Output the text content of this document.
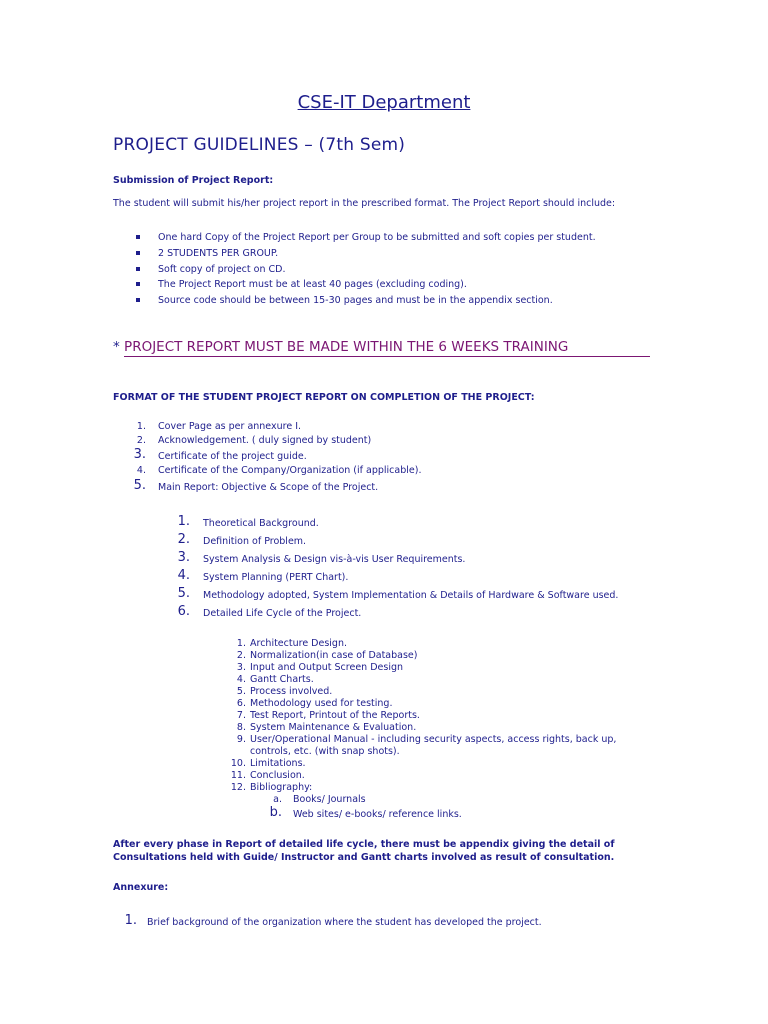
CSE-IT Department
PROJECT GUIDELINES – (7th Sem)
Submission of Project Report:
The student will submit his/her project report in the prescribed format. The Project Report should include:
One hard Copy of the Project Report per Group to be submitted and soft copies per student.
2 STUDENTS PER GROUP.
Soft copy of project on CD.
The Project Report must be at least 40 pages (excluding coding).
Source code should be between 15-30 pages and must be in the appendix section.
* PROJECT REPORT MUST BE MADE WITHIN THE 6 WEEKS TRAINING
FORMAT OF THE STUDENT PROJECT REPORT ON COMPLETION OF THE PROJECT:
1. Cover Page as per annexure I.
2. Acknowledgement. ( duly signed by student)
3. Certificate of the project guide.
4. Certificate of the Company/Organization (if applicable).
5. Main Report: Objective & Scope of the Project.
1. Theoretical Background.
2. Definition of Problem.
3. System Analysis & Design vis-à-vis User Requirements.
4. System Planning (PERT Chart).
5. Methodology adopted, System Implementation & Details of Hardware & Software used.
6. Detailed Life Cycle of the Project.
1. Architecture Design.
2. Normalization(in case of Database)
3. Input and Output Screen Design
4. Gantt Charts.
5. Process involved.
6. Methodology used for testing.
7. Test Report, Printout of the Reports.
8. System Maintenance & Evaluation.
9. User/Operational Manual - including security aspects, access rights, back up,
controls, etc. (with snap shots).
10. Limitations.
11. Conclusion.
12. Bibliography:
a. Books/ Journals
b. Web sites/ e-books/ reference links.
After every phase in Report of detailed life cycle, there must be appendix giving the detail of
Consultations held with Guide/ Instructor and Gantt charts involved as result of consultation.
Annexure:
1. Brief background of the organization where the student has developed the project.
